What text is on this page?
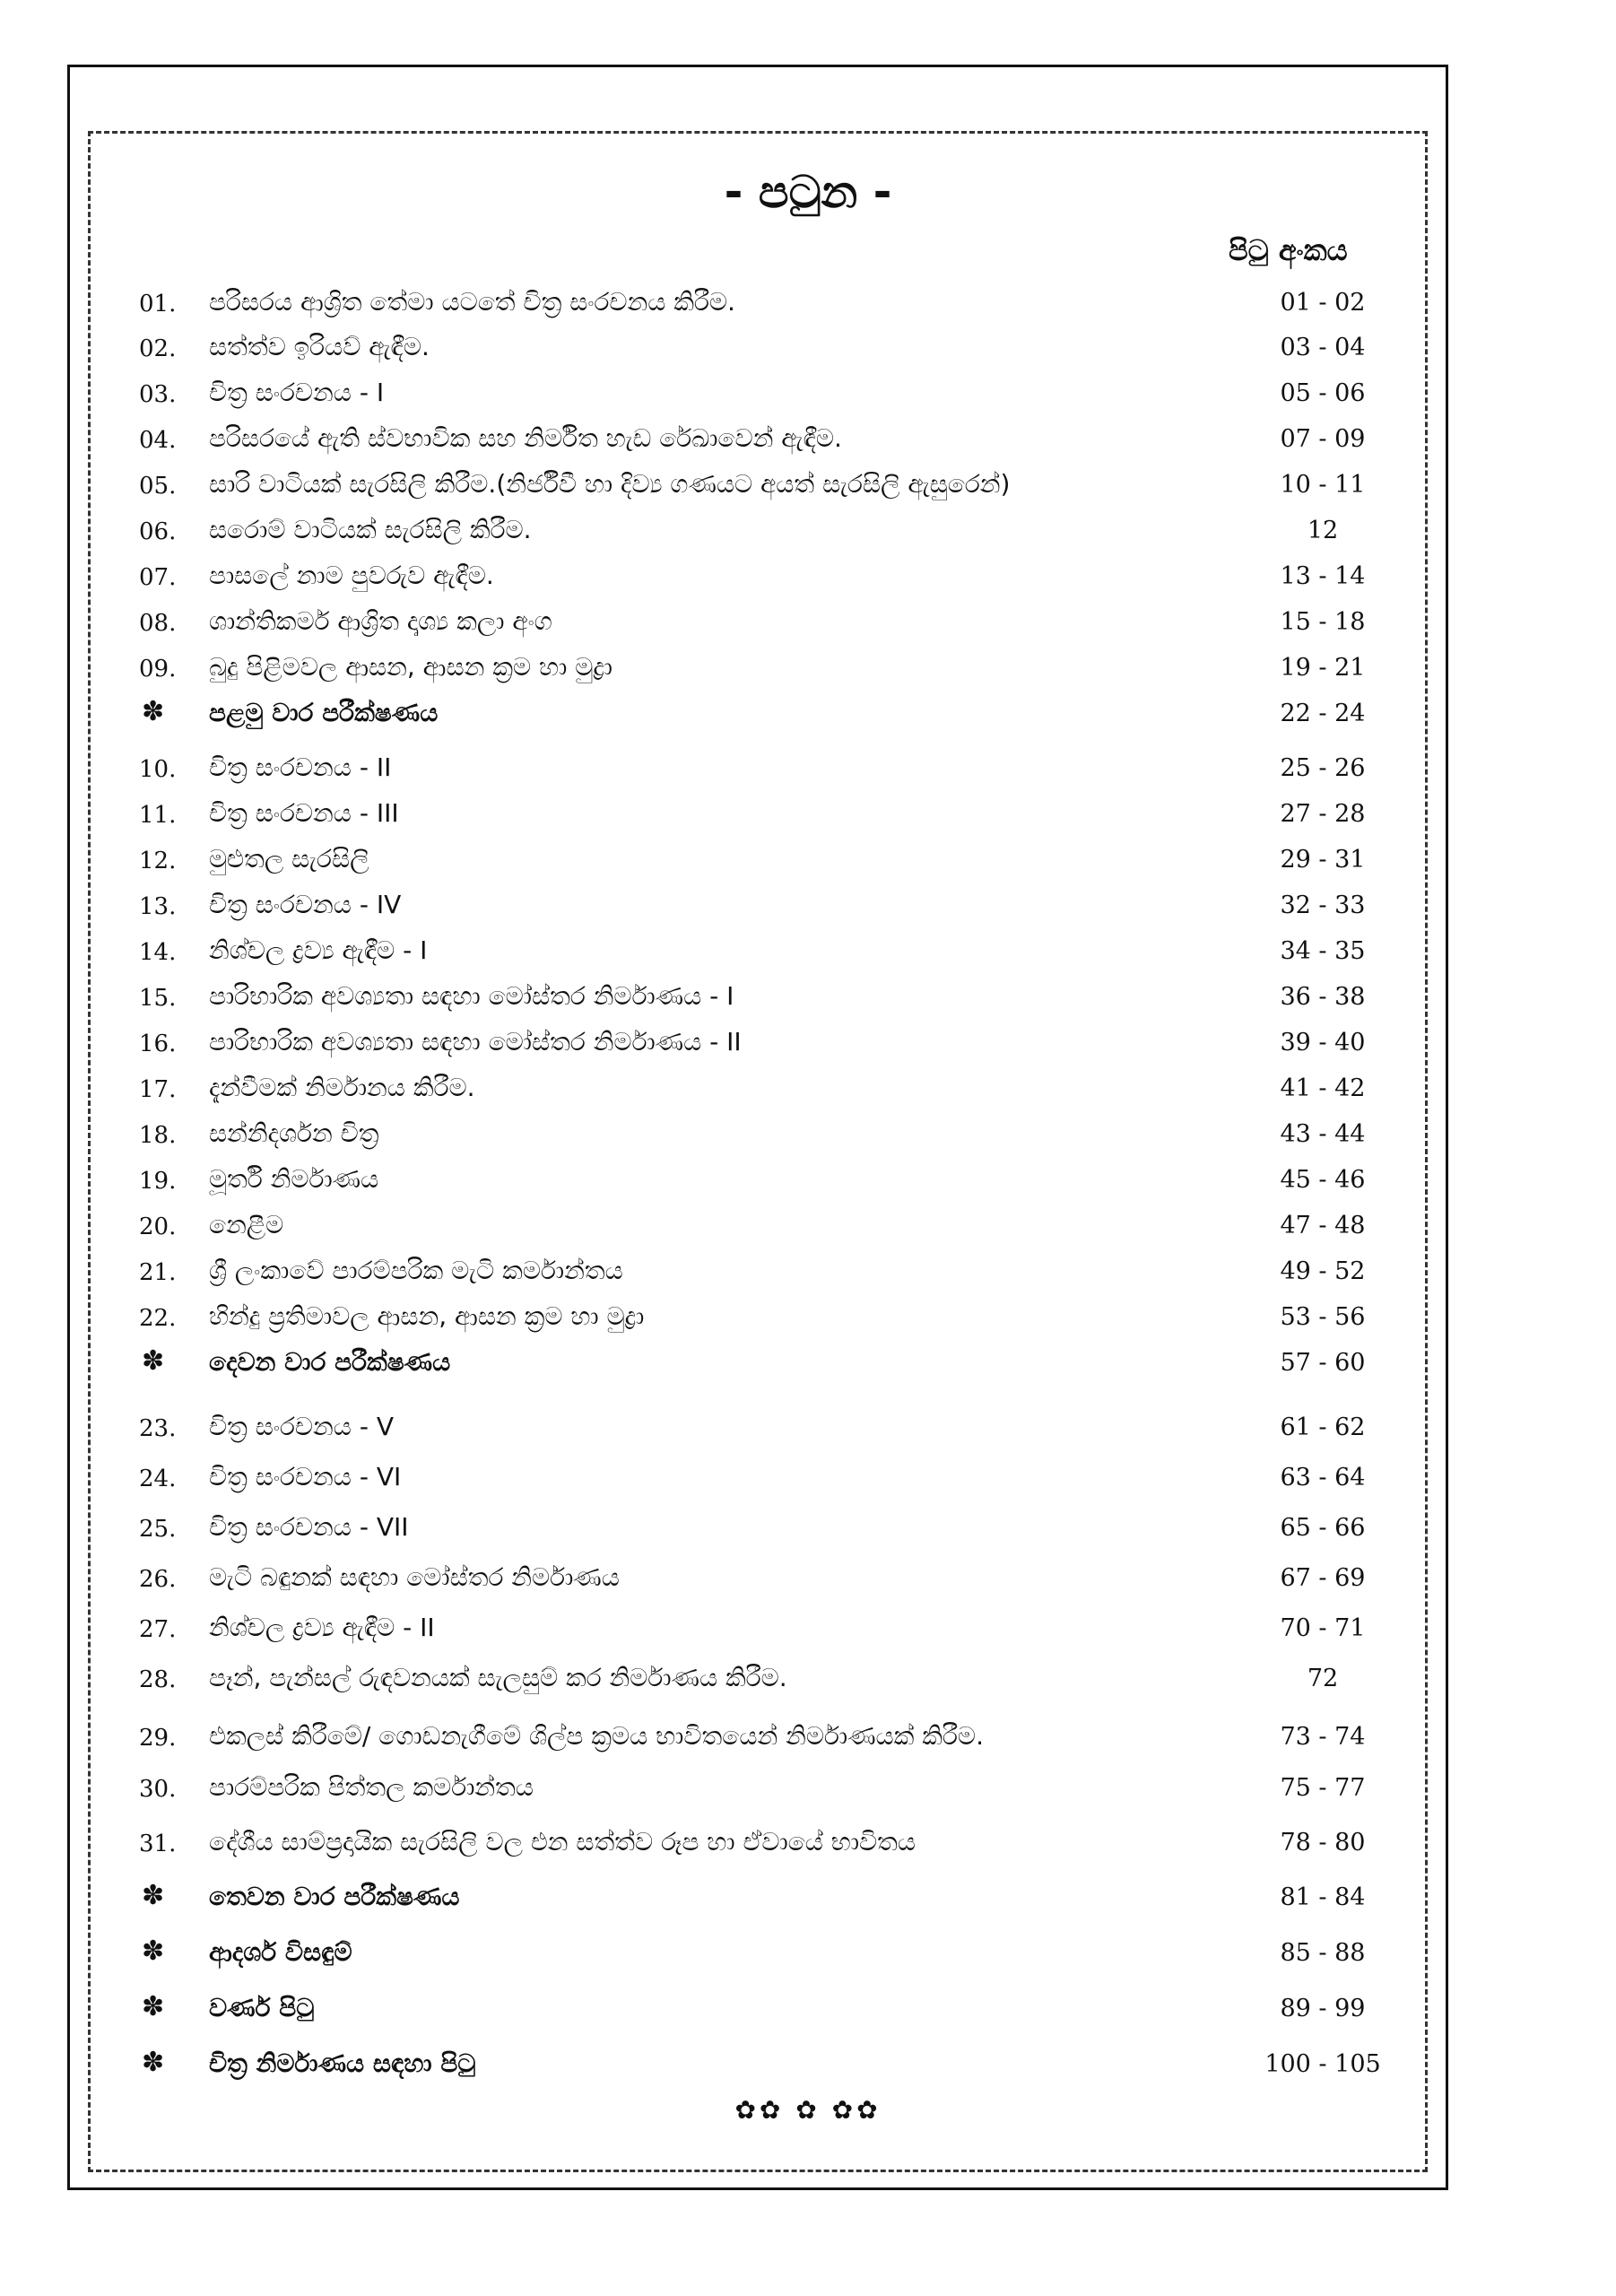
- පටුන -
පිටු අංකය
01. පරිසරය ආශ්‍රිත තේමා යටතේ චිත්‍ර සංරචනය කිරීම.	01 - 02
02. සත්ත්ව ඉරියව් ඇඳීම.	03 - 04
03. චිත්‍ර සංරචනය - I	05 - 06
04. පරිසරයේ ඇති ස්වභාවික සහ නිර්මිත හැඩ රේඛාවෙන් ඇඳීම.	07 - 09
05. සාරි වාටියක් සැරසිලි කිරීම.(නිර්ජීවී හා දිව්‍ය ගණයට අයත් සැරසිලි ඇසුරෙන්)	10 - 11
06. සරොම් වාටියක් සැරසිලි කිරීම.	12
07. පාසලේ නාම පුවරුව ඇඳීම.	13 - 14
08. ශාන්තිකර්ම ආශ්‍රිත දෘශ්‍ය කලා අංග	15 - 18
09. බුදු පිළිමවල ආසන, ආසන ක්‍රම හා මුද්‍රා	19 - 21
✽ පළමු වාර පරීක්ෂණය	22 - 24
10. චිත්‍ර සංරචනය - II	25 - 26
11. චිත්‍ර සංරචනය - III	27 - 28
12. මුළුතල සැරසිලි	29 - 31
13. චිත්‍ර සංරචනය - IV	32 - 33
14. නිශ්චල ද්‍රව්‍ය ඇඳීම - I	34 - 35
15. පාරිභාරික අවශ්‍යතා සඳහා මෝස්තර නිර්මාණය - I	36 - 38
16. පාරිභාරික අවශ්‍යතා සඳහා මෝස්තර නිර්මාණය - II	39 - 40
17. දැන්වීමක් නිර්මානය කිරීම.	41 - 42
18. සන්නිදර්ශන චිත්‍ර	43 - 44
19. මූර්ති නිර්මාණය	45 - 46
20. නෙළීම	47 - 48
21. ශ්‍රී ලංකාවේ පාරම්පරික මැටි කර්මාන්තය	49 - 52
22. හින්දු ප්‍රතිමාවල ආසන, ආසන ක්‍රම හා මුද්‍රා	53 - 56
✽ දෙවන වාර පරීක්ෂණය	57 - 60
23. චිත්‍ර සංරචනය - V	61 - 62
24. චිත්‍ර සංරචනය - VI	63 - 64
25. චිත්‍ර සංරචනය - VII	65 - 66
26. මැටි බඳුනක් සඳහා මෝස්තර නිර්මාණය	67 - 69
27. නිශ්චල ද්‍රව්‍ය ඇඳීම - II	70 - 71
28. පෑන්, පැන්සල් රුඳවනයක් සැලසුම් කර නිර්මාණය කිරීම.	72
29. එකලස් කිරීමේ/ ගොඩනැගීමේ ශිල්ප ක්‍රමය භාවිතයෙන් නිර්මාණයක් කිරීම.	73 - 74
30. පාරම්පරික පිත්තල කර්මාන්තය	75 - 77
31. දේශීය සාම්ප්‍රදායික සැරසිලි වල එන සත්ත්ව රූප හා ඒවායේ භාවිතය	78 - 80
✽ තෙවන වාර පරීක්ෂණය	81 - 84
✽ ආදර්ශ විසඳුම්	85 - 88
✽ වර්ණ පිටු	89 - 99
✽ චිත්‍ර නිර්මාණය සඳහා පිටු	100 - 105
✿✿ ✿ ✿✿
